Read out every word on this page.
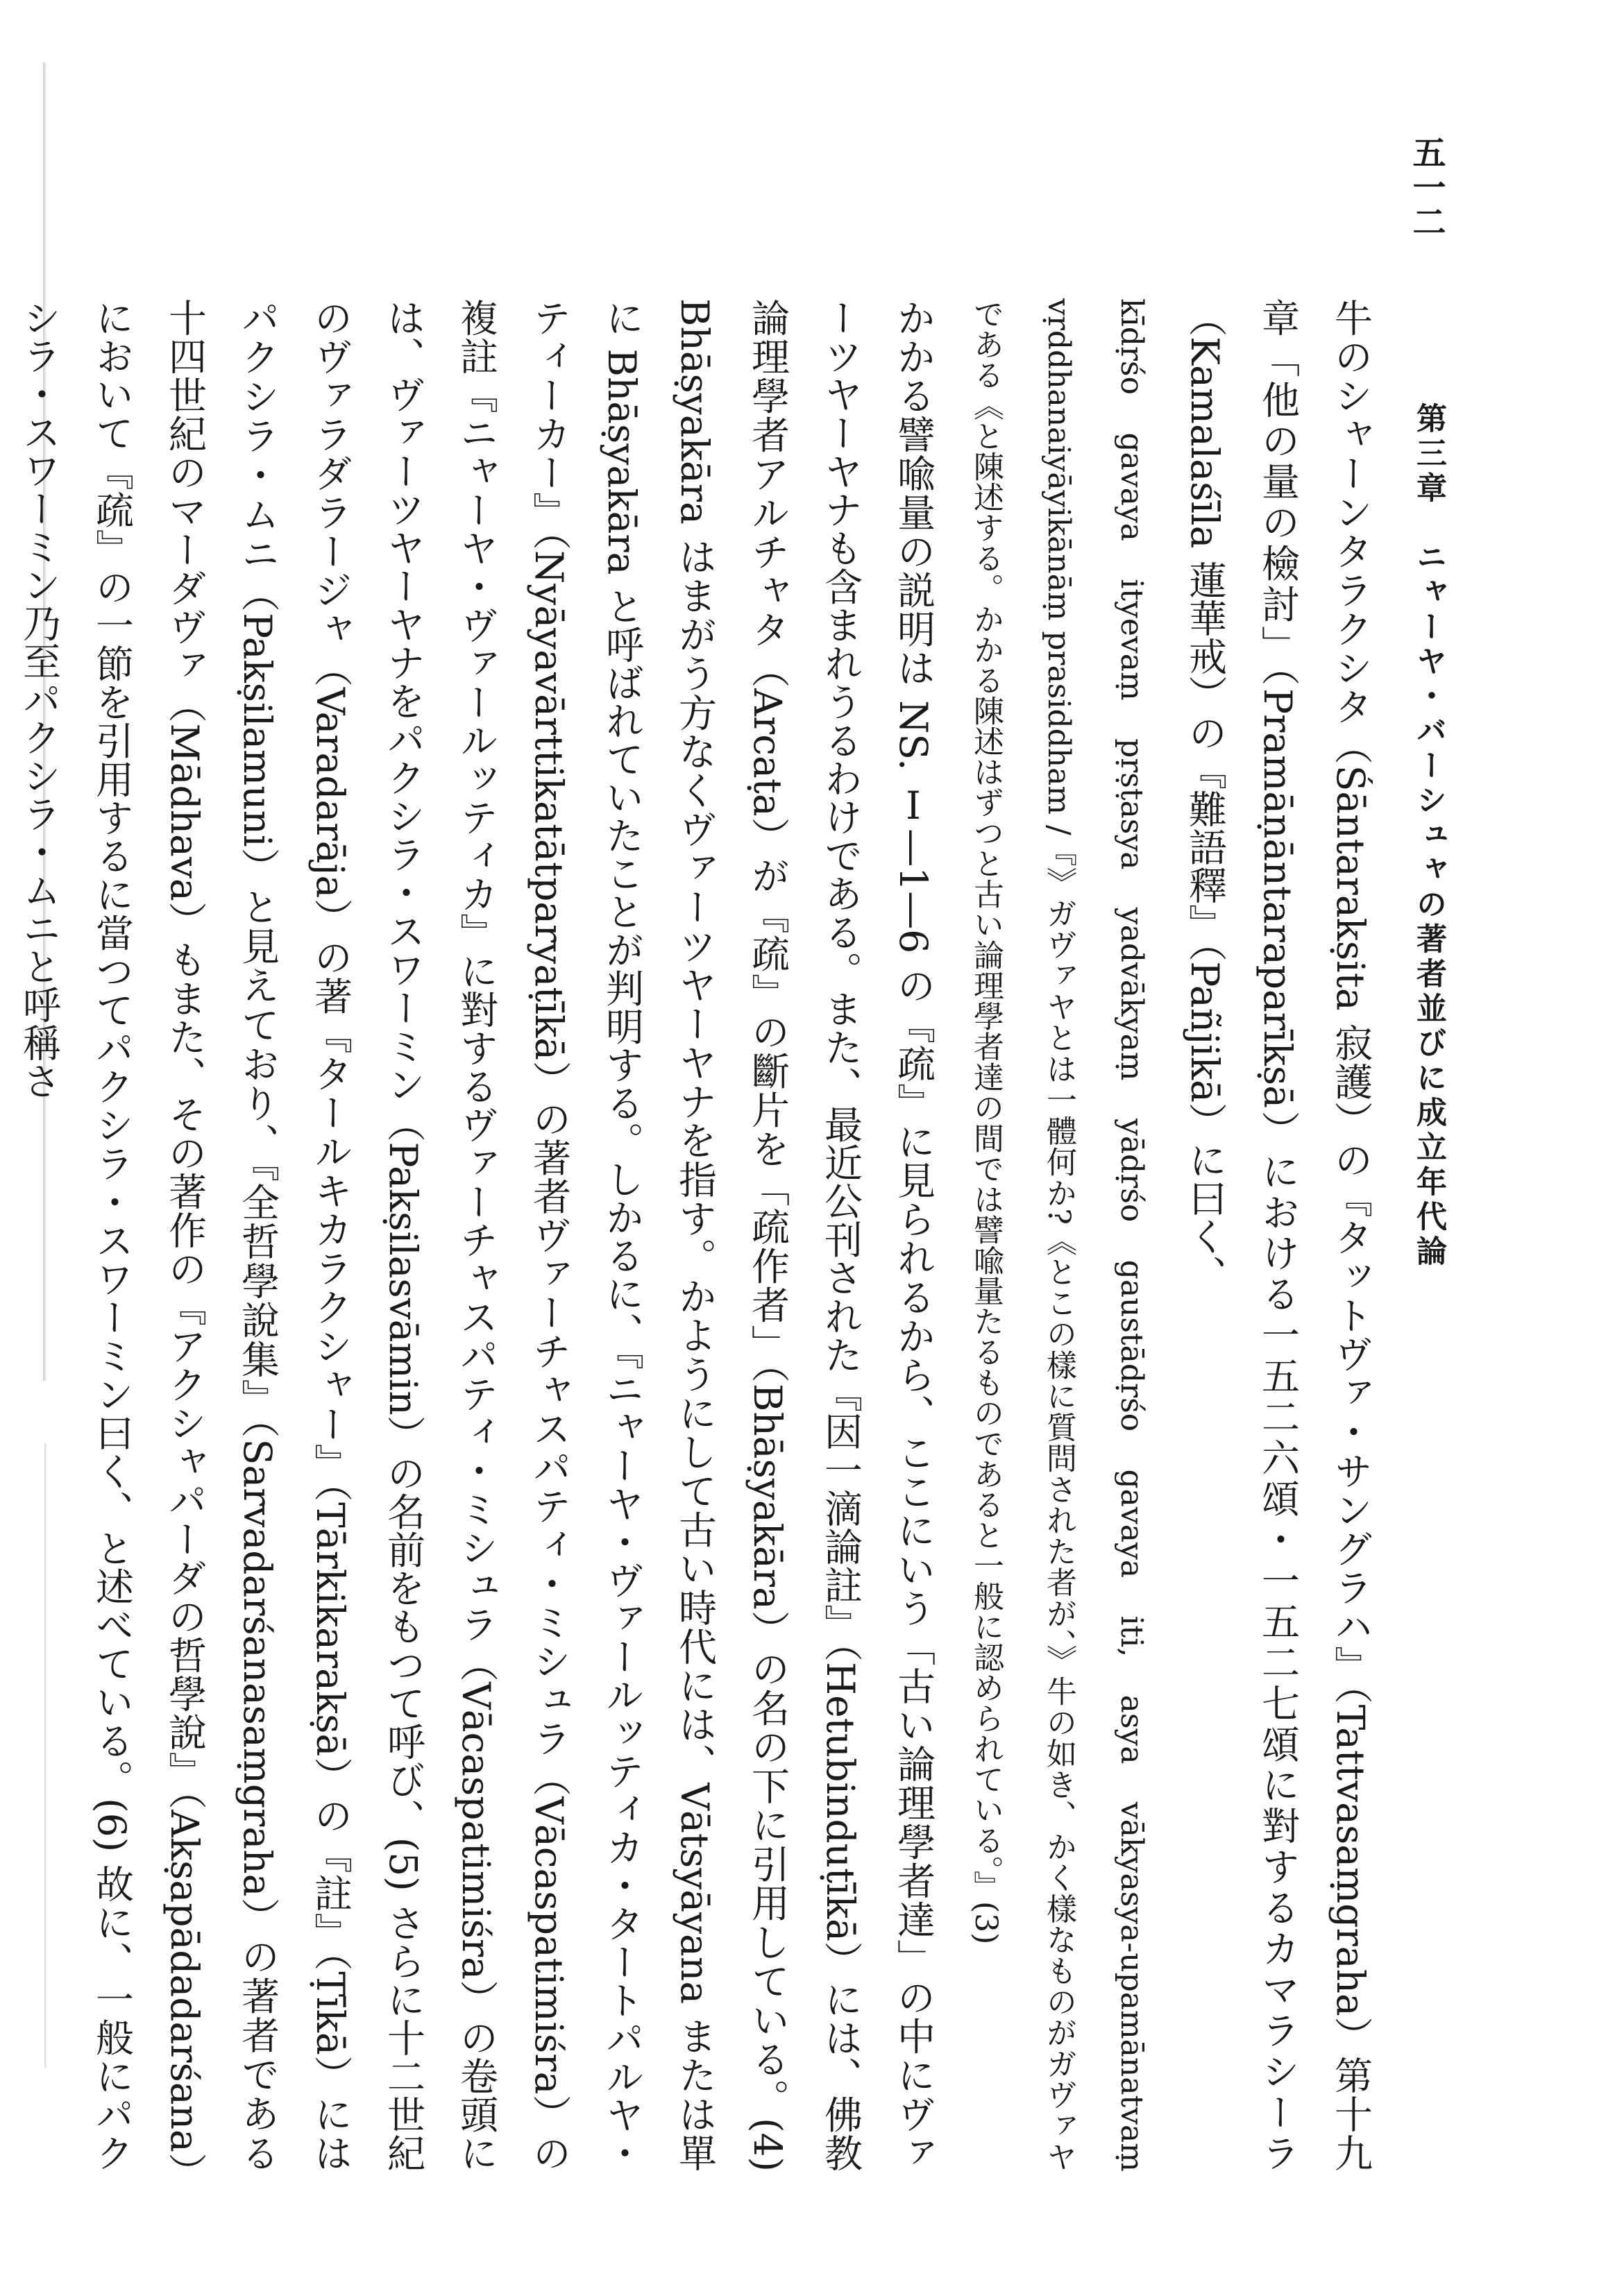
五一二
第三章　ニャーヤ・バーシュャの著者並びに成立年代論

牛のシャーンタラクシタ（Śāntarakṣita 寂護）の『タットヴァ・サングラハ』（Tattvasaṃgraha）第十九章「他の量の檢討」（Pramāṇāntaraparīkṣā）における一五二六頌・一五二七頌に對するカマラシーラ（Kamalaśīla 蓮華戒）の『難語釋』（Pañjikā）に曰く、

kīdṛśo gavaya ityevaṃ pṛṣṭasya yadvākyaṃ yādṛśo gaustādṛśo gavaya iti, asya vākyasya-upamānatvaṃ vṛddhanaiyāyikānāṃ prasiddham /『》ガヴァヤとは一體何か?《とこの樣に質問された者が、》牛の如き、かく樣なものがガヴァヤである《と陳述する。かかる陳述はずつと古い論理學者達の間では譬喩量たるものであると一般に認められている。』(3)

かかる譬喩量の説明は NS. Ⅰ—1—6 の『疏』に見られるから、ここにいう「古い論理學者達」の中にヴァーツヤーヤナも含まれうるわけである。また、最近公刊された『因一滴論註』（Hetubinduṭīkā）には、佛教論理學者アルチャタ（Arcaṭa）が『疏』の斷片を「疏作者」（Bhāṣyakāra）の名の下に引用している。(4) Bhāṣyakāra はまがう方なくヴァーツヤーヤナを指す。かようにして古い時代には、Vātsyāyana または單に Bhāṣyakāra と呼ばれていたことが判明する。しかるに、『ニャーヤ・ヴァールッティカ・タートパルヤ・ティーカー』（Nyāyavārttikatātparyaṭīkā）の著者ヴァーチャスパティ・ミシュラ（Vācaspatimiśra）の複註『ニャーヤ・ヴァールッティカ』に對するヴァーチャスパティ・ミシュラ（Vācaspatimiśra）の卷頭には、ヴァーツヤーヤナをパクシラ・スワーミン（Pakṣilasvāmin）の名前をもつて呼び、(5) さらに十二世紀のヴァラダラージャ（Varadarāja）の著『タールキカラクシャー』（Tārkikarakṣā）の『註』（Ṭīkā）にはパクシラ・ムニ（Pakṣilamuni）と見えており、『全哲學說集』（Sarvadarśanasaṃgraha）の著者である十四世紀のマーダヴァ（Mādhava）もまた、その著作の『アクシャパーダの哲學說』（Akṣapādadarśana）において『疏』の一節を引用するに當つてパクシラ・スワーミン曰く、と述べている。(6) 故に、一般にパクシラ・スワーミン乃至パクシラ・ムニと呼稱さ
